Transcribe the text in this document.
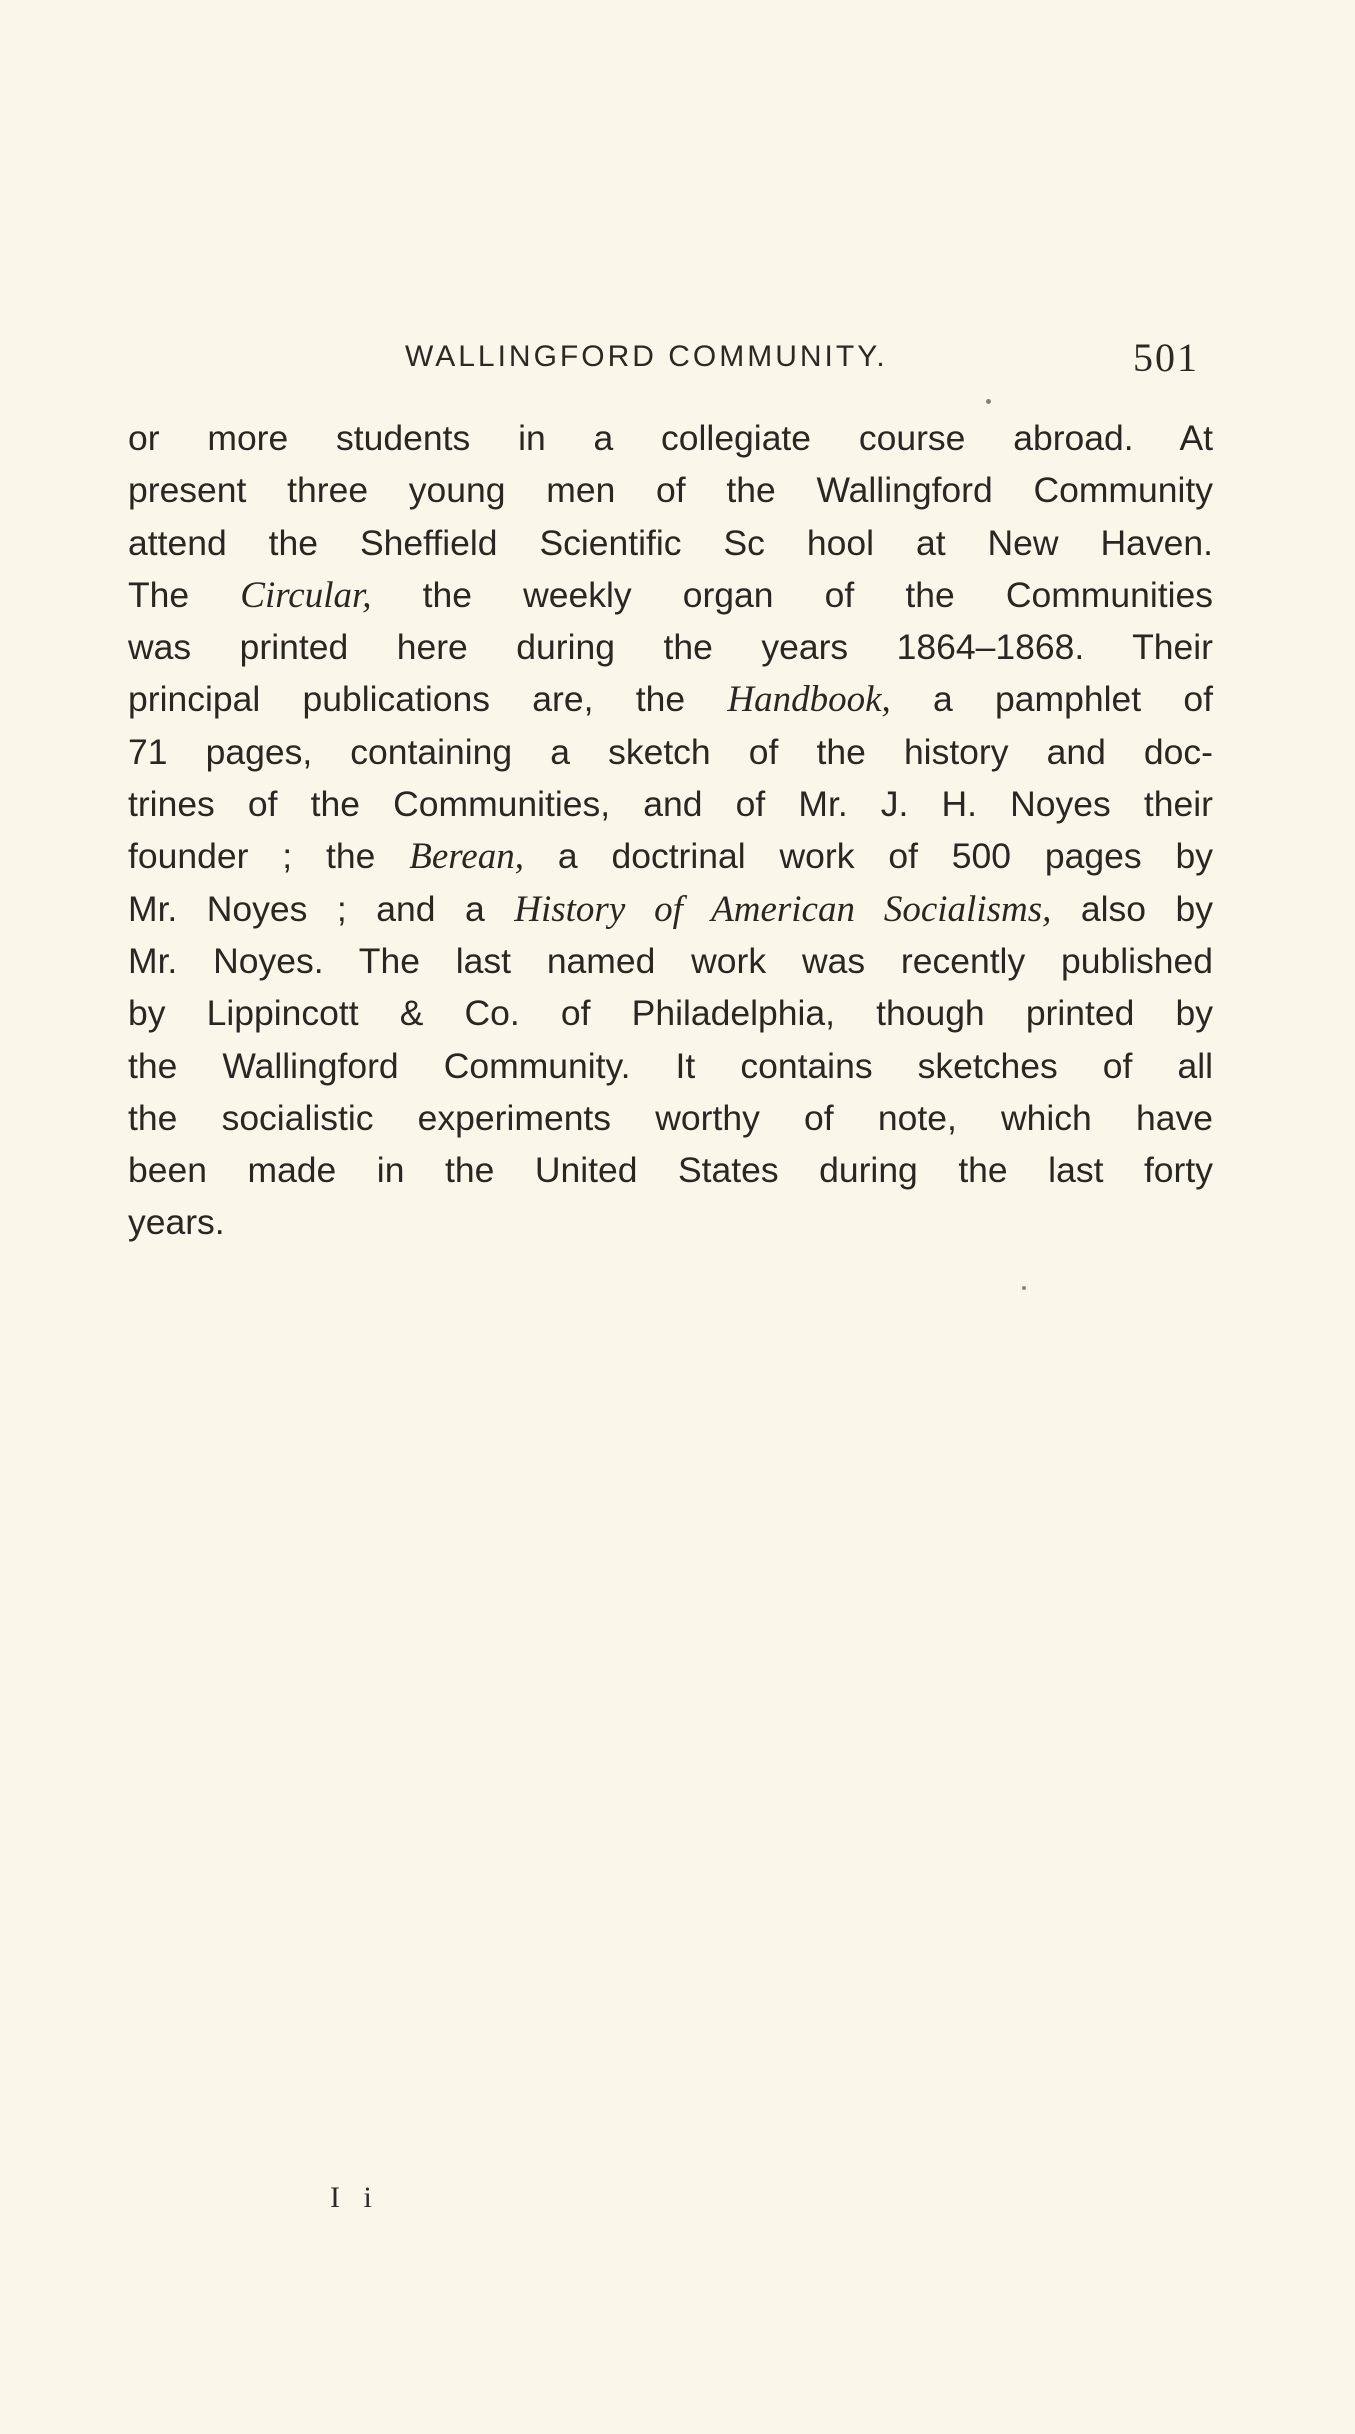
WALLINGFORD COMMUNITY.	501
or more students in a collegiate course abroad. At
present three young men of the Wallingford Community
attend the Sheffield Scientific Sc hool at New Haven.
The Circular, the weekly organ of the Communities
was printed here during the years 1864–1868. Their
principal publications are, the Handbook, a pamphlet of
71 pages, containing a sketch of the history and doc-
trines of the Communities, and of Mr. J. H. Noyes their
founder ; the Berean, a doctrinal work of 500 pages by
Mr. Noyes ; and a History of American Socialisms, also by
Mr. Noyes. The last named work was recently published
by Lippincott & Co. of Philadelphia, though printed by
the Wallingford Community. It contains sketches of all
the socialistic experiments worthy of note, which have
been made in the United States during the last forty
years.
I i
